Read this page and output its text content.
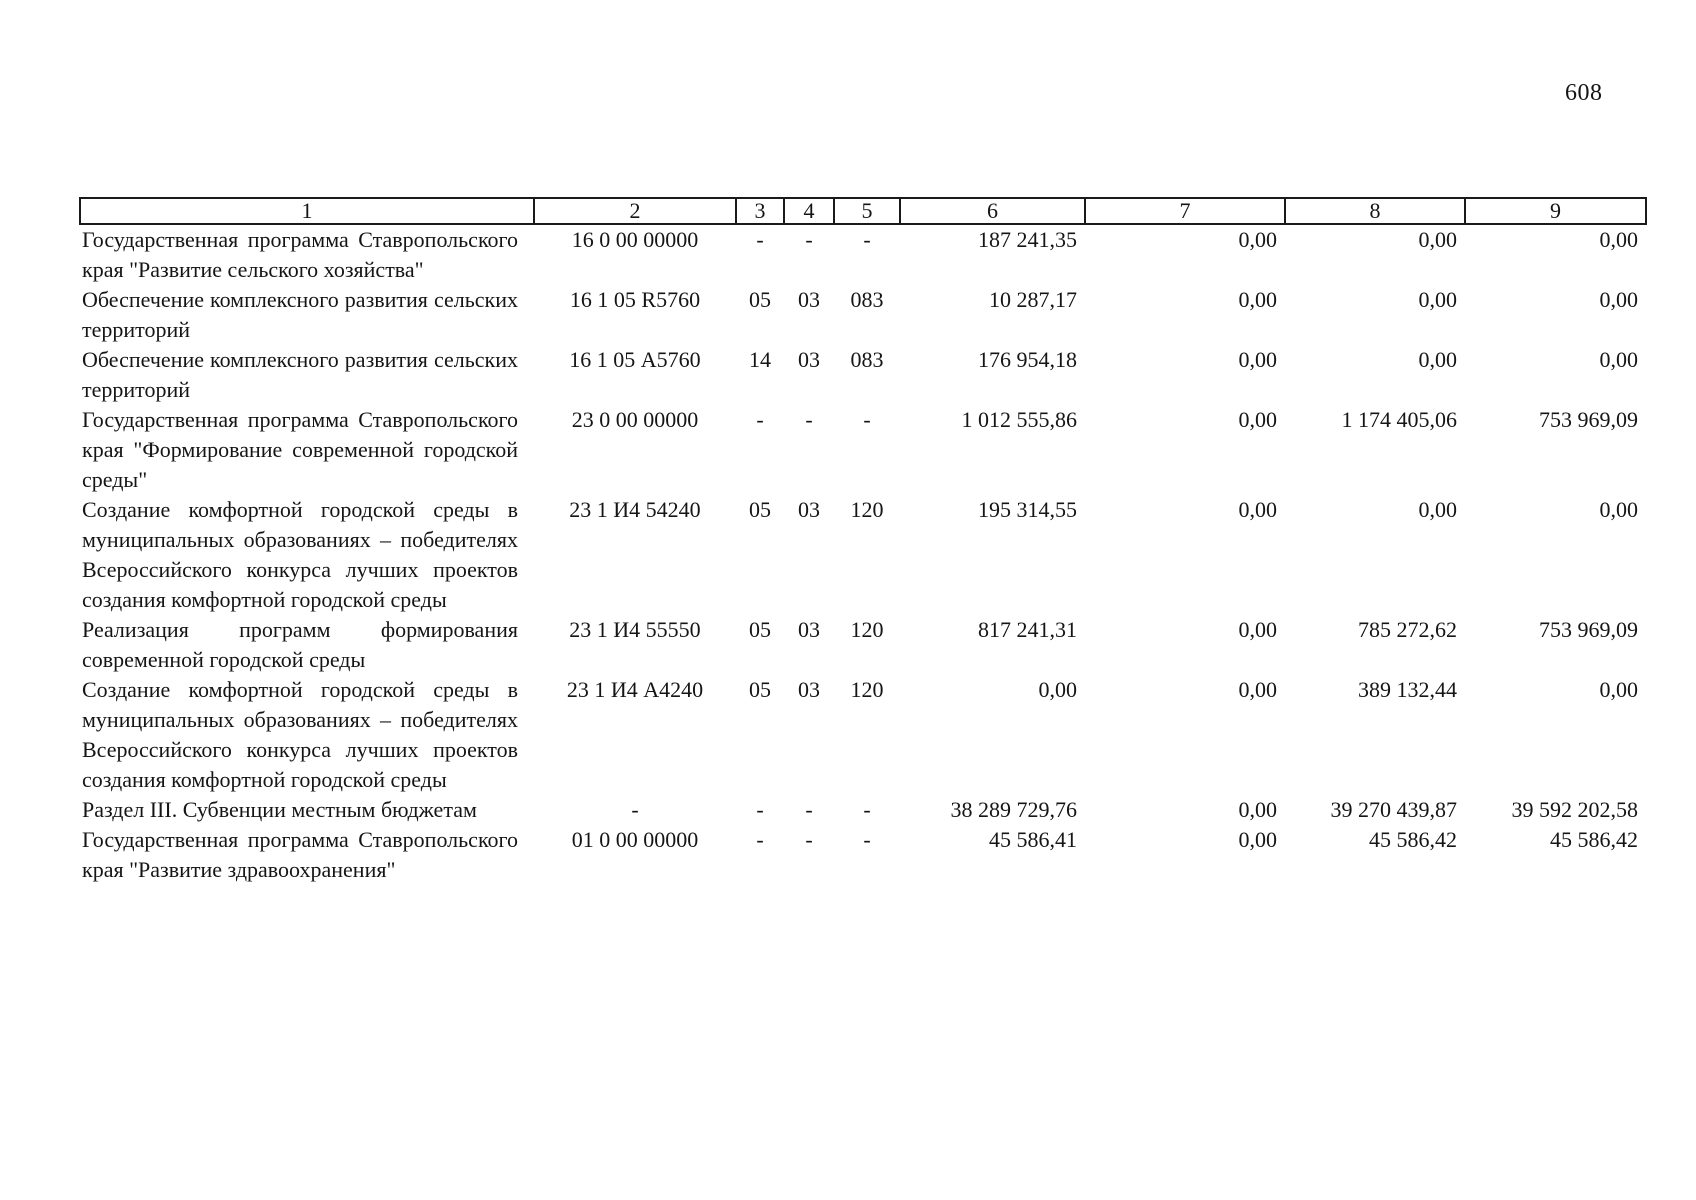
608
1	2	3	4	5	6	7	8	9
Государственная программа Ставропольского края "Развитие сельского хозяйства"	16 0 00 00000	-	-	-	187 241,35	0,00	0,00	0,00
Обеспечение комплексного развития сельских территорий	16 1 05 R5760	05	03	083	10 287,17	0,00	0,00	0,00
Обеспечение комплексного развития сельских территорий	16 1 05 А5760	14	03	083	176 954,18	0,00	0,00	0,00
Государственная программа Ставропольского края "Формирование современной городской среды"	23 0 00 00000	-	-	-	1 012 555,86	0,00	1 174 405,06	753 969,09
Создание комфортной городской среды в муниципальных образованиях – победителях Всероссийского конкурса лучших проектов создания комфортной городской среды	23 1 И4 54240	05	03	120	195 314,55	0,00	0,00	0,00
Реализация программ формирования современной городской среды	23 1 И4 55550	05	03	120	817 241,31	0,00	785 272,62	753 969,09
Создание комфортной городской среды в муниципальных образованиях – победителях Всероссийского конкурса лучших проектов создания комфортной городской среды	23 1 И4 А4240	05	03	120	0,00	0,00	389 132,44	0,00
Раздел III. Субвенции местным бюджетам	-	-	-	-	38 289 729,76	0,00	39 270 439,87	39 592 202,58
Государственная программа Ставропольского края "Развитие здравоохранения"	01 0 00 00000	-	-	-	45 586,41	0,00	45 586,42	45 586,42
